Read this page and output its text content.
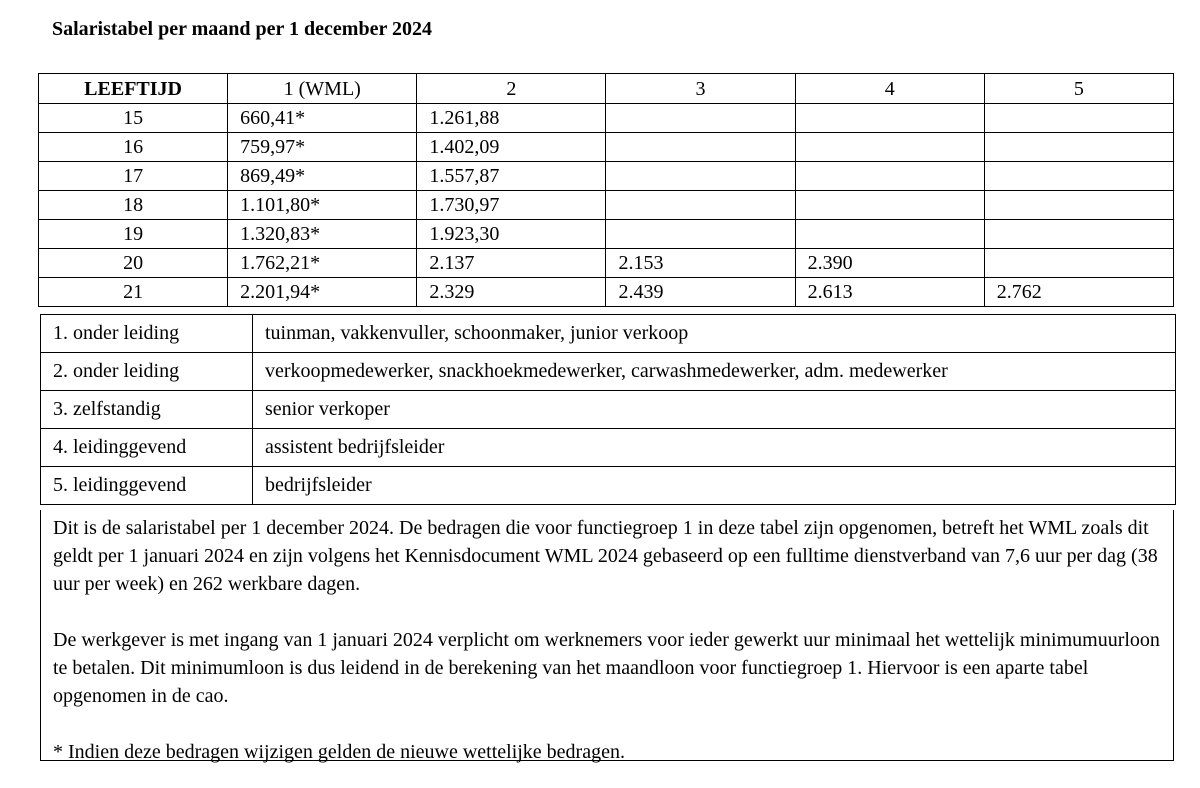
Salaristabel per maand per 1 december 2024
LEEFTIJD	1 (WML)	2	3	4	5
15	660,41*	1.261,88			
16	759,97*	1.402,09			
17	869,49*	1.557,87			
18	1.101,80*	1.730,97			
19	1.320,83*	1.923,30			
20	1.762,21*	2.137	2.153	2.390	
21	2.201,94*	2.329	2.439	2.613	2.762
1. onder leiding	tuinman, vakkenvuller, schoonmaker, junior verkoop
2. onder leiding	verkoopmedewerker, snackhoekmedewerker, carwashmedewerker, adm. medewerker
3. zelfstandig	senior verkoper
4. leidinggevend	assistent bedrijfsleider
5. leidinggevend	bedrijfsleider

Dit is de salaristabel per 1 december 2024. De bedragen die voor functiegroep 1 in deze tabel zijn opgenomen, betreft het WML zoals dit geldt per 1 januari 2024 en zijn volgens het Kennisdocument WML 2024 gebaseerd op een fulltime dienstverband van 7,6 uur per dag (38 uur per week) en 262 werkbare dagen.

De werkgever is met ingang van 1 januari 2024 verplicht om werknemers voor ieder gewerkt uur minimaal het wettelijk minimumuurloon te betalen. Dit minimumloon is dus leidend in de berekening van het maandloon voor functiegroep 1. Hiervoor is een aparte tabel opgenomen in de cao.

* Indien deze bedragen wijzigen gelden de nieuwe wettelijke bedragen.
